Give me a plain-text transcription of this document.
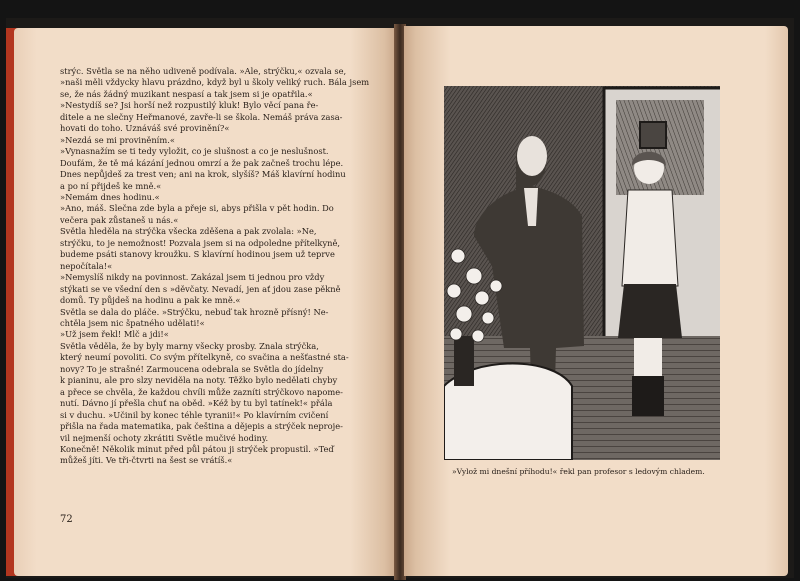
strýc. Světla se na něho udiveně podívala. »Ale, strýčku,« ozvala se,
»naši měli vždycky hlavu prázdno, když byl u školy veliký ruch. Bála jsem
se, že nás žádný muzikant nespasí a tak jsem si je opatřila.«
»Nestydíš se? Jsi horší než rozpustilý kluk! Bylo věcí pana ře-
ditele a ne slečny Heřmanové, zavře-li se škola. Nemáš práva zasa-
hovati do toho. Uznáváš své provinění?«
»Nezdá se mi proviněním.«
»Vynasnažím se ti tedy vyložit, co je slušnost a co je neslušnost.
Doufám, že tě má kázání jednou omrzí a že pak začneš trochu lépe.
Dnes nepůjdeš za trest ven; ani na krok, slyšíš? Máš klavírní hodinu
a po ní přijdeš ke mně.«
»Nemám dnes hodinu.«
»Ano, máš. Slečna zde byla a přeje si, abys přišla v pět hodin. Do
večera pak zůstaneš u nás.«
Světla hleděla na strýčka všecka zděšena a pak zvolala: »Ne,
strýčku, to je nemožnost! Pozvala jsem si na odpoledne přítelkyně,
budeme psáti stanovy kroužku. S klavírní hodinou jsem už teprve
nepočítala!«
»Nemyslíš nikdy na povinnost. Zakázal jsem ti jednou pro vždy
stýkati se ve všední den s »děvčaty. Nevadí, jen ať jdou zase pěkně
domů. Ty půjdeš na hodinu a pak ke mně.«
Světla se dala do pláče. »Strýčku, nebuď tak hrozně přísný! Ne-
chtěla jsem nic špatného udělati!«
»Už jsem řekl! Mlč a jdi!«
Světla věděla, že by byly marny všecky prosby. Znala strýčka,
který neumí povoliti. Co svým přítelkyně, co svačina a nešťastné sta-
novy? To je strašné! Zarmoucena odebrala se Světla do jídelny
k pianinu, ale pro slzy neviděla na noty. Těžko bylo nedělati chyby
a přece se chvěla, že každou chvíli může zazníti strýčkovo napome-
nutí. Dávno jí přešla chuť na oběd. »Kéž by tu byl tatínek!« přála
si v duchu. »Učinil by konec téhle tyranii!« Po klavírním cvičení
přišla na řada matematika, pak čeština a dějepis a strýček neproje-
vil nejmenší ochoty zkrátiti Světle mučivé hodiny.
Konečně! Několik minut před půl pátou ji strýček propustil. »Teď
můžeš jíti. Ve tři-čtvrti na šest se vrátíš.«
72
»Vylož mi dnešní příhodu!« řekl pan profesor s ledovým chladem.
